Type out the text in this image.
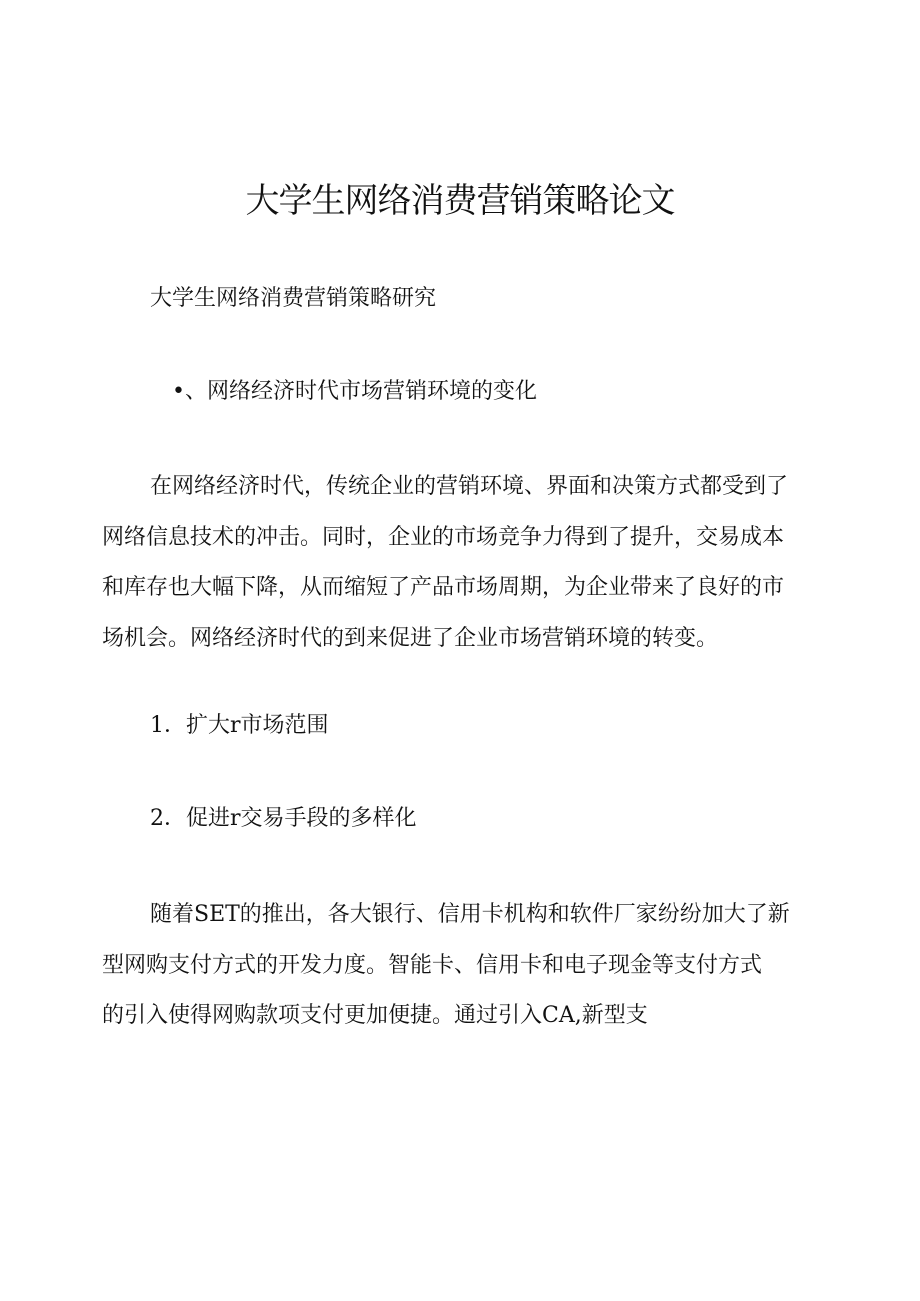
大学生网络消费营销策略论文

大学生网络消费营销策略研究

•、网络经济时代市场营销环境的变化

在网络经济时代，传统企业的营销环境、界面和决策方式都受到了
网络信息技术的冲击。同时，企业的市场竞争力得到了提升，交易成本
和库存也大幅下降，从而缩短了产品市场周期，为企业带来了良好的市
场机会。网络经济时代的到来促进了企业市场营销环境的转变。

1．扩大r市场范围

2．促进r交易手段的多样化

随着SET的推出，各大银行、信用卡机构和软件厂家纷纷加大了新
型网购支付方式的开发力度。智能卡、信用卡和电子现金等支付方式
的引入使得网购款项支付更加便捷。通过引入CA,新型支
